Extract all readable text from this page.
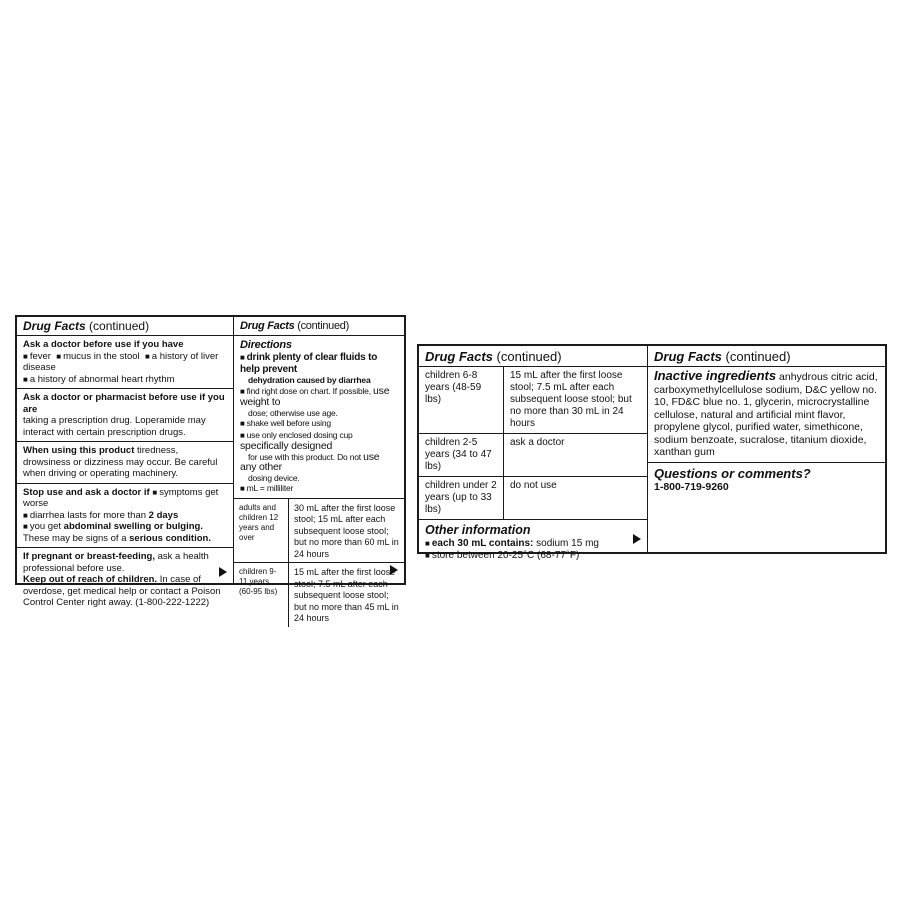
Drug Facts (continued)
Ask a doctor before use if you have
■ fever ■ mucus in the stool ■ a history of liver disease
■ a history of abnormal heart rhythm
Ask a doctor or pharmacist before use if you are
taking a prescription drug. Loperamide may interact with certain prescription drugs.
When using this product tiredness, drowsiness or dizziness may occur. Be careful when driving or operating machinery.
Stop use and ask a doctor if ■ symptoms get worse
■ diarrhea lasts for more than 2 days
■ you get abdominal swelling or bulging.
These may be signs of a serious condition.
If pregnant or breast-feeding, ask a health professional before use.
Keep out of reach of children. In case of overdose, get medical help or contact a Poison Control Center right away. (1-800-222-1222)
Drug Facts (continued)
Directions
■ drink plenty of clear fluids to help prevent
dehydration caused by diarrhea
■ find right dose on chart. If possible, use weight to
dose; otherwise use age.
■ shake well before using
■ use only enclosed dosing cup specifically designed
for use with this product. Do not use any other
dosing device.
■ mL = milliliter
adults and children 12 years and over	30 mL after the first loose stool; 15 mL after each subsequent loose stool; but no more than 60 mL in 24 hours
children 9-11 years (60-95 lbs)	15 mL after the first loose stool; 7.5 mL after each subsequent loose stool; but no more than 45 mL in 24 hours
Drug Facts (continued)
children 6-8 years (48-59 lbs)	15 mL after the first loose stool; 7.5 mL after each subsequent loose stool; but no more than 30 mL in 24 hours
children 2-5 years (34 to 47 lbs)	ask a doctor
children under 2 years (up to 33 lbs)	do not use
Other information
■ each 30 mL contains: sodium 15 mg
■ store between 20-25°C (68-77°F)
Drug Facts (continued)
Inactive ingredients anhydrous citric acid, carboxymethylcellulose sodium, D&C yellow no. 10, FD&C blue no. 1, glycerin, microcrystalline cellulose, natural and artificial mint flavor, propylene glycol, purified water, simethicone, sodium benzoate, sucralose, titanium dioxide, xanthan gum
Questions or comments?
1-800-719-9260
